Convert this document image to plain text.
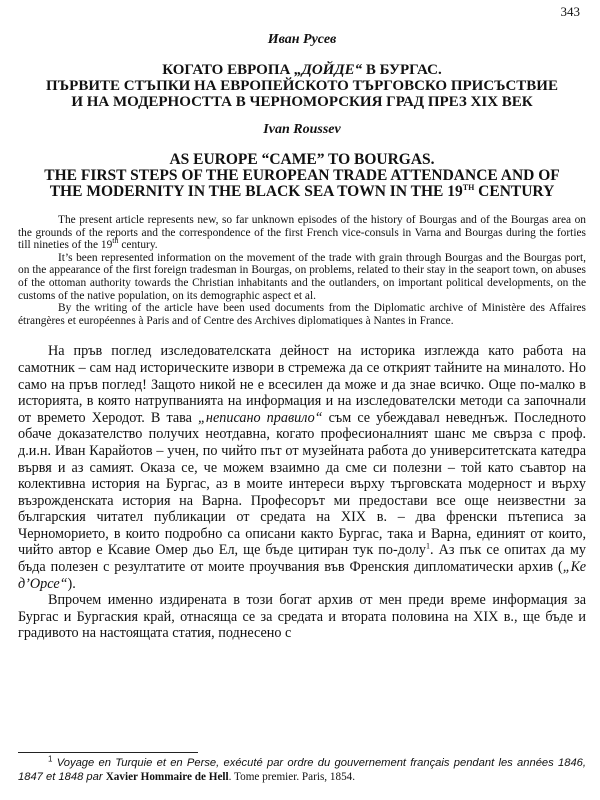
343
Иван Русев
КОГАТО ЕВРОПА „ДОЙДЕ“ В БУРГАС.
ПЪРВИТЕ СТЪПКИ НА ЕВРОПЕЙСКОТО ТЪРГОВСКО ПРИСЪСТВИЕ
И НА МОДЕРНОСТТА В ЧЕРНОМОРСКИЯ ГРАД ПРЕЗ XIX ВЕК
Ivan Roussev
AS EUROPE “CAME” TO BOURGAS.
THE FIRST STEPS OF THE EUROPEAN TRADE ATTENDANCE AND OF
THE MODERNITY IN THE BLACK SEA TOWN IN THE 19TH CENTURY

The present article represents new, so far unknown episodes of the history of Bourgas and of the Bourgas area on the grounds of the reports and the correspondence of the first French vice-consuls in Varna and Bourgas during the forties till nineties of the 19th century.

It’s been represented information on the movement of the trade with grain through Bourgas and the Bourgas port, on the appearance of the first foreign tradesman in Bourgas, on problems, related to their stay in the seaport town, on abuses of the ottoman authority towards the Christian inhabitants and the outlanders, on important political developments, on the customs of the native population, on its demographic aspect et al.

By the writing of the article have been used documents from the Diplomatic archive of Ministère des Affaires étrangères et européennes à Paris and of Centre des Archives diplomatiques à Nantes in France.

На пръв поглед изследователската дейност на историка изглежда като работа на самотник – сам над историческите извори в стремежа да се открият тайните на миналото. Но само на пръв поглед! Защото никой не е всесилен да може и да знае всичко. Още по-малко в историята, в която натрупванията на информация и на изследователски методи са започнали от времето Херодот. В тава „неписано правило“ съм се убеждавал неведнъж. Последното обаче доказателство получих неотдавна, когато професионалният шанс ме свърза с проф. д.и.н. Иван Карайотов – учен, по чийто път от музейната работа до университетската катедра вървя и аз самият. Оказа се, че можем взаимно да сме си полезни – той като съавтор на колективна история на Бургас, аз в моите интереси върху търговската модерност и върху възрожденската история на Варна. Професорът ми предостави все още неизвестни за българския читател публикации от средата на XIX в. – два френски пътеписа за Черноморието, в които подробно са описани както Бургас, така и Варна, единият от които, чийто автор е Ксавие Омер дьо Ел, ще бъде цитиран тук по-долу$^1$. Аз пък се опитах да му бъда полезен с резултатите от моите проучвания във Френския дипломатически архив („Ке д’Орсе“).

Впрочем именно издирената в този богат архив от мен преди време информация за Бургас и Бургаския край, отнасяща се за средата и втората половина на XIX в., ще бъде и градивото на настоящата статия, поднесено с

$^1$ Voyage en Turquie et en Perse, exécuté par ordre du gouvernement français pendant les années 1846, 1847 et 1848 par Xavier Hommaire de Hell. Tome premier. Paris, 1854.
